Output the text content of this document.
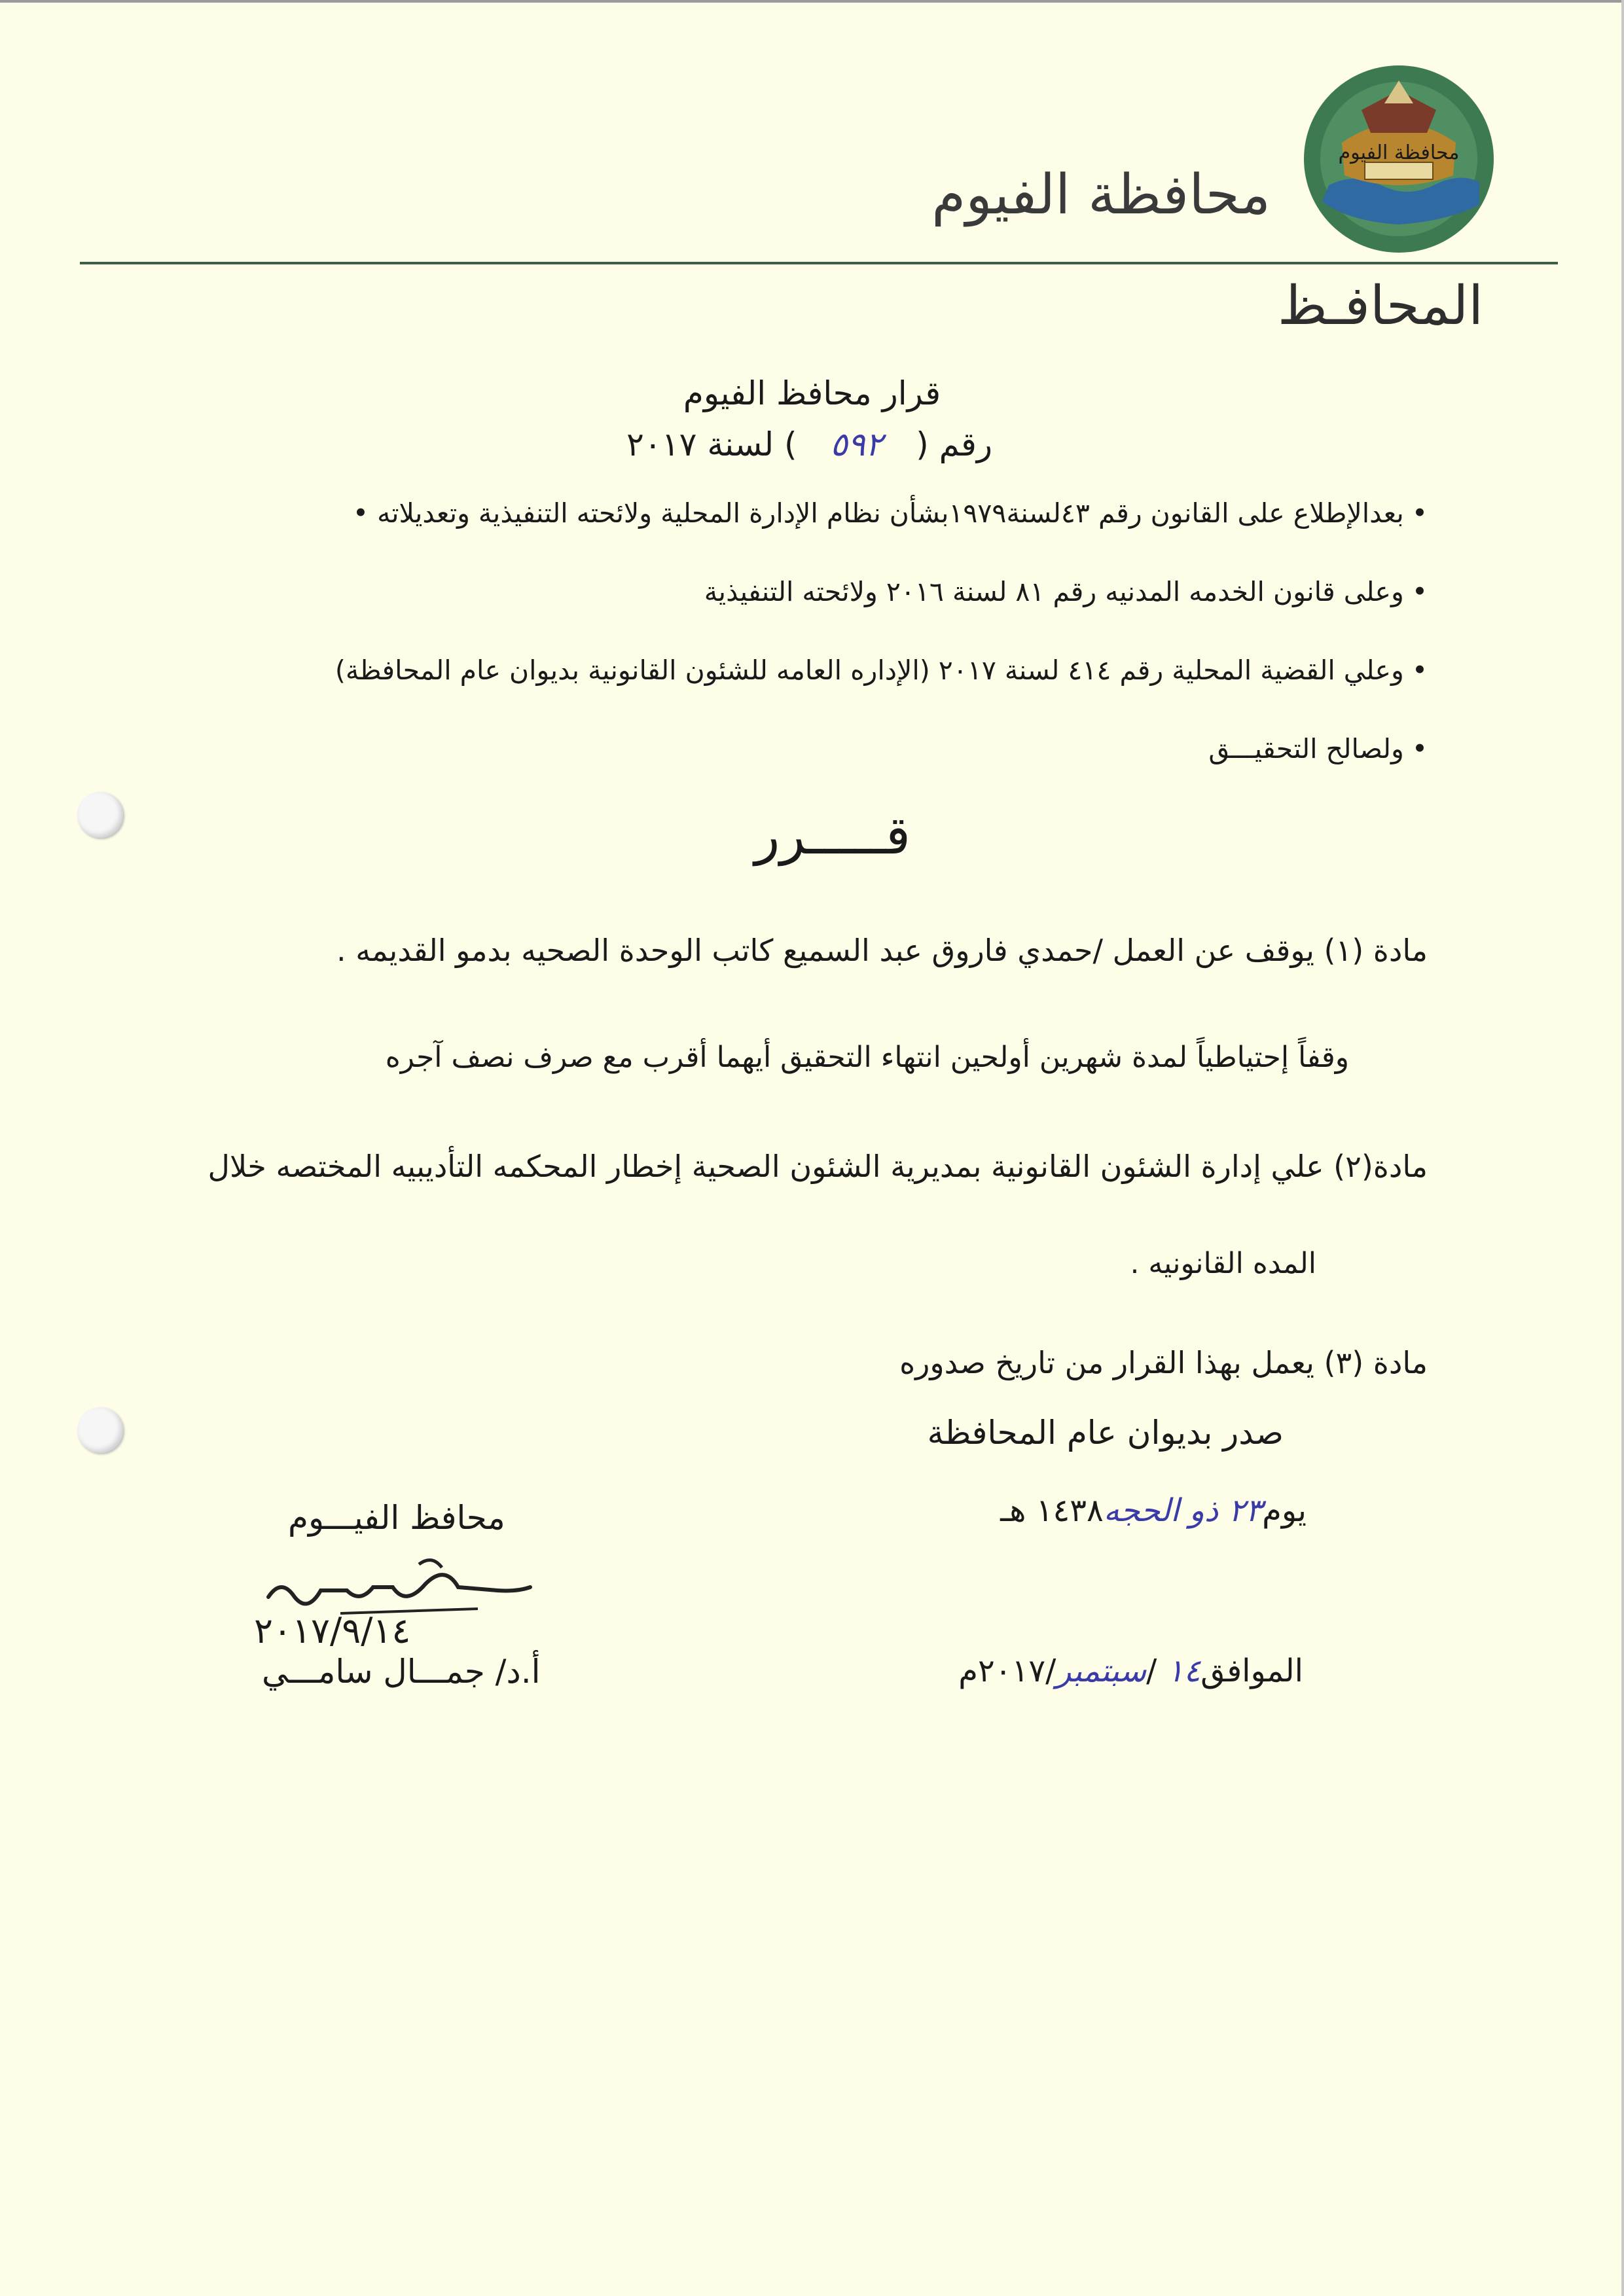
محافظة الفيوم
محافظة الفيوم
المحافـظ
قرار محافظ الفيوم
رقم ( ٥٩٢ ) لسنة ٢٠١٧
•بعدالإطلاع على القانون رقم ٤٣لسنة١٩٧٩بشأن نظام الإدارة المحلية ولائحته التنفيذية وتعديلاته •
•وعلى قانون الخدمه المدنيه رقم ٨١ لسنة ٢٠١٦ ولائحته التنفيذية
•وعلي القضية المحلية رقم ٤١٤ لسنة ٢٠١٧ (الإداره العامه للشئون القانونية بديوان عام المحافظة)
•ولصالح التحقيـــق
قـــــرر
مادة (١) يوقف عن العمل /حمدي فاروق عبد السميع كاتب الوحدة الصحيه بدمو القديمه .
وقفاً إحتياطياً لمدة شهرين أولحين انتهاء التحقيق أيهما أقرب مع صرف نصف آجره
مادة(٢) علي إدارة الشئون القانونية بمديرية الشئون الصحية إخطار المحكمه التأديبيه المختصه خلال
المده القانونيه .
مادة (٣) يعمل بهذا القرار من تاريخ صدوره
صدر بديوان عام المحافظة
يوم٢٣ ذو الحجه١٤٣٨ هـ
الموافق١٤ /سبتمبر/٢٠١٧م
محافظ الفيـــوم
٢٠١٧/٩/١٤
أ.د/ جمـــال سامـــي
